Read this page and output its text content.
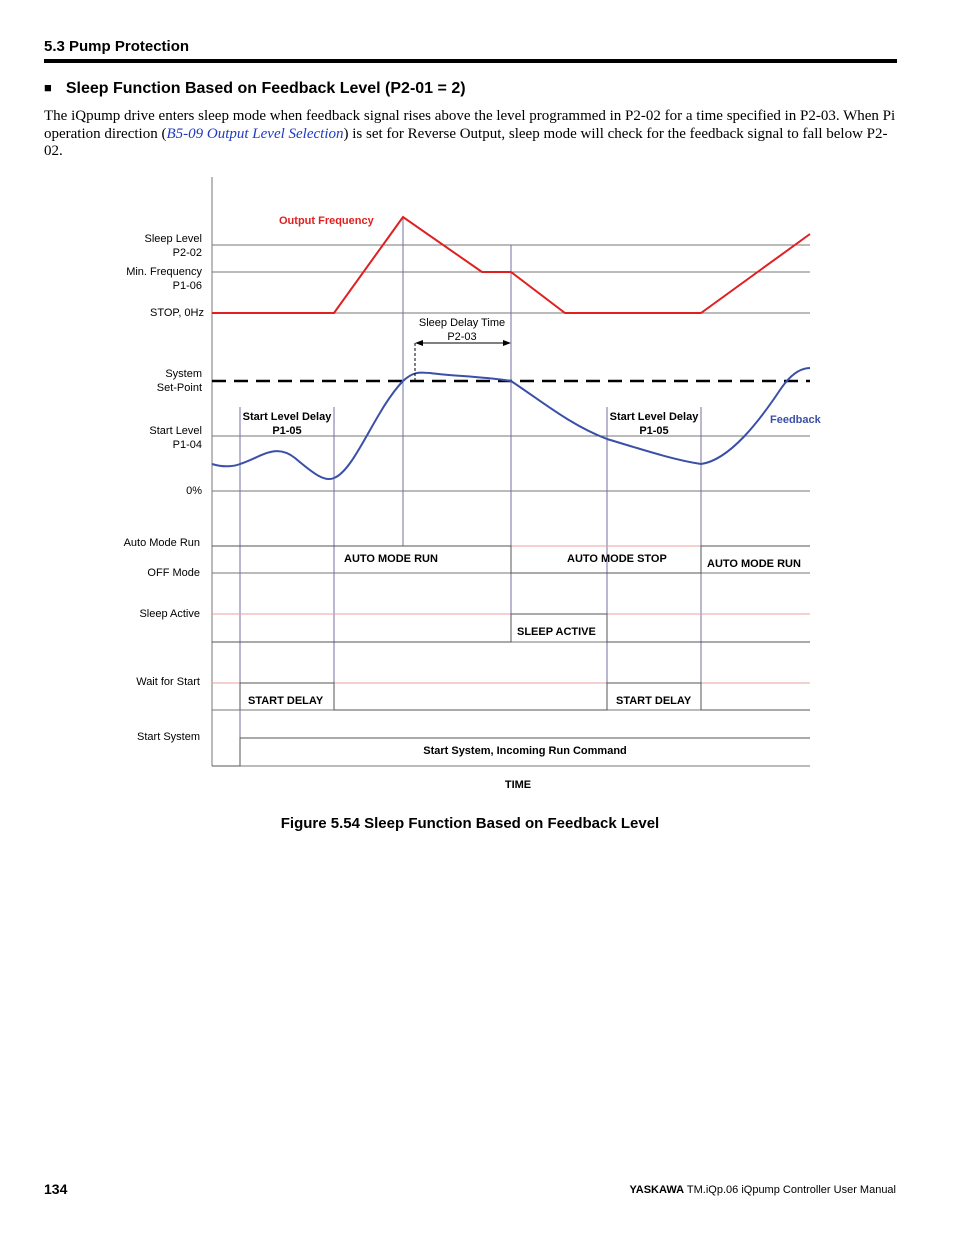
5.3 Pump Protection
■ Sleep Function Based on Feedback Level (P2-01 = 2)
The iQpump drive enters sleep mode when feedback signal rises above the level programmed in P2-02 for a time specified in P2-03. When Pi operation direction (B5-09 Output Level Selection) is set for Reverse Output, sleep mode will check for the feedback signal to fall below P2-02.
Sleep Delay Time
P2-03
Sleep Level
P2-02
Min. Frequency
P1-06
STOP, 0Hz
System
Set-Point
Start Level
P1-04
0%
Auto Mode Run
OFF Mode
Sleep Active
Wait for Start
Start System
Output Frequency
Feedback
Start Level Delay
P1-05
Start Level Delay
P1-05
AUTO MODE RUN	AUTO MODE STOP	AUTO MODE RUN
SLEEP ACTIVE
START DELAY	START DELAY
Start System, Incoming Run Command
TIME
Figure 5.54 Sleep Function Based on Feedback Level
134	YASKAWA TM.iQp.06 iQpump Controller User Manual
